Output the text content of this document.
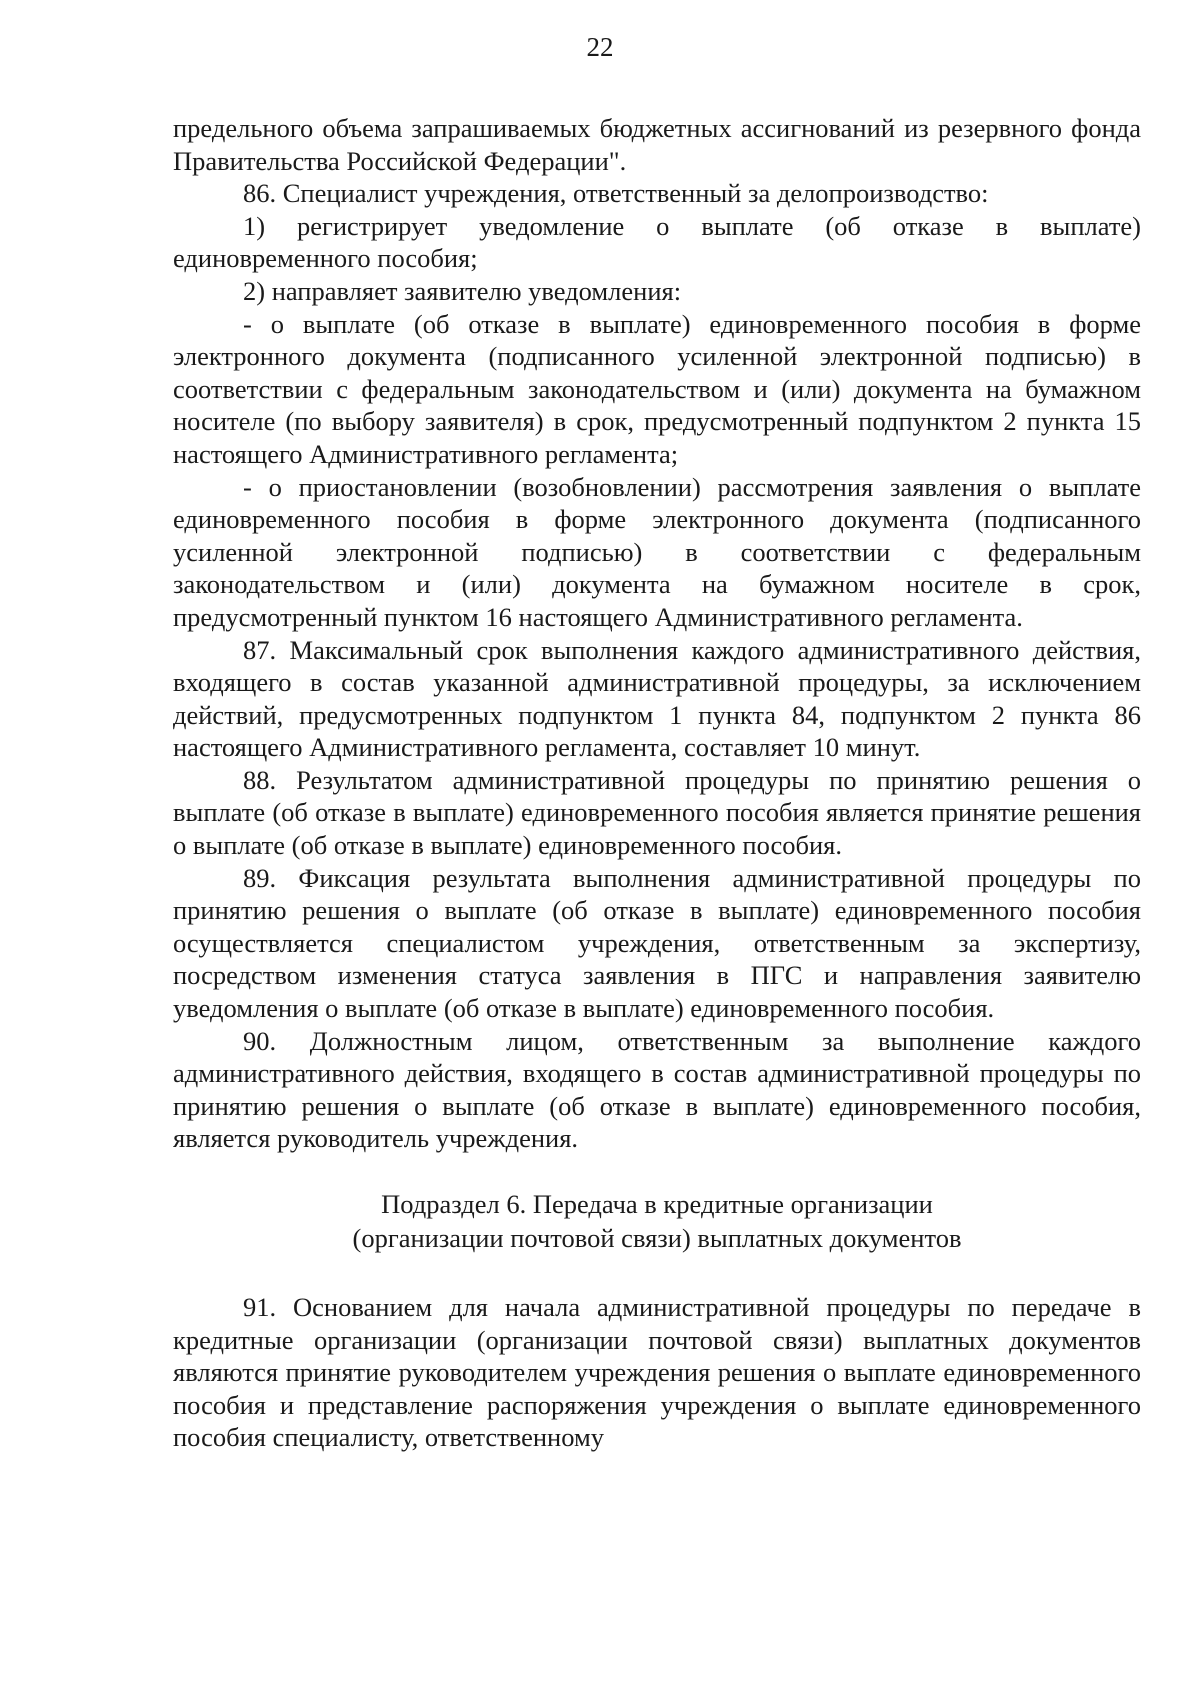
22

предельного объема запрашиваемых бюджетных ассигнований из резервного фонда Правительства Российской Федерации".

86. Специалист учреждения, ответственный за делопроизводство:

1) регистрирует уведомление о выплате (об отказе в выплате) единовременного пособия;

2) направляет заявителю уведомления:

- о выплате (об отказе в выплате) единовременного пособия в форме электронного документа (подписанного усиленной электронной подписью) в соответствии с федеральным законодательством и (или) документа на бумажном носителе (по выбору заявителя) в срок, предусмотренный подпунктом 2 пункта 15 настоящего Административного регламента;

- о приостановлении (возобновлении) рассмотрения заявления о выплате единовременного пособия в форме электронного документа (подписанного усиленной электронной подписью) в соответствии с федеральным законодательством и (или) документа на бумажном носителе в срок, предусмотренный пунктом 16 настоящего Административного регламента.

87. Максимальный срок выполнения каждого административного действия, входящего в состав указанной административной процедуры, за исключением действий, предусмотренных подпунктом 1 пункта 84, подпунктом 2 пункта 86 настоящего Административного регламента, составляет 10 минут.

88. Результатом административной процедуры по принятию решения о выплате (об отказе в выплате) единовременного пособия является принятие решения о выплате (об отказе в выплате) единовременного пособия.

89. Фиксация результата выполнения административной процедуры по принятию решения о выплате (об отказе в выплате) единовременного пособия осуществляется специалистом учреждения, ответственным за экспертизу, посредством изменения статуса заявления в ПГС и направления заявителю уведомления о выплате (об отказе в выплате) единовременного пособия.

90. Должностным лицом, ответственным за выполнение каждого административного действия, входящего в состав административной процедуры по принятию решения о выплате (об отказе в выплате) единовременного пособия, является руководитель учреждения.

Подраздел 6. Передача в кредитные организации

(организации почтовой связи) выплатных документов

91. Основанием для начала административной процедуры по передаче в кредитные организации (организации почтовой связи) выплатных документов являются принятие руководителем учреждения решения о выплате единовременного пособия и представление распоряжения учреждения о выплате единовременного пособия специалисту, ответственному
